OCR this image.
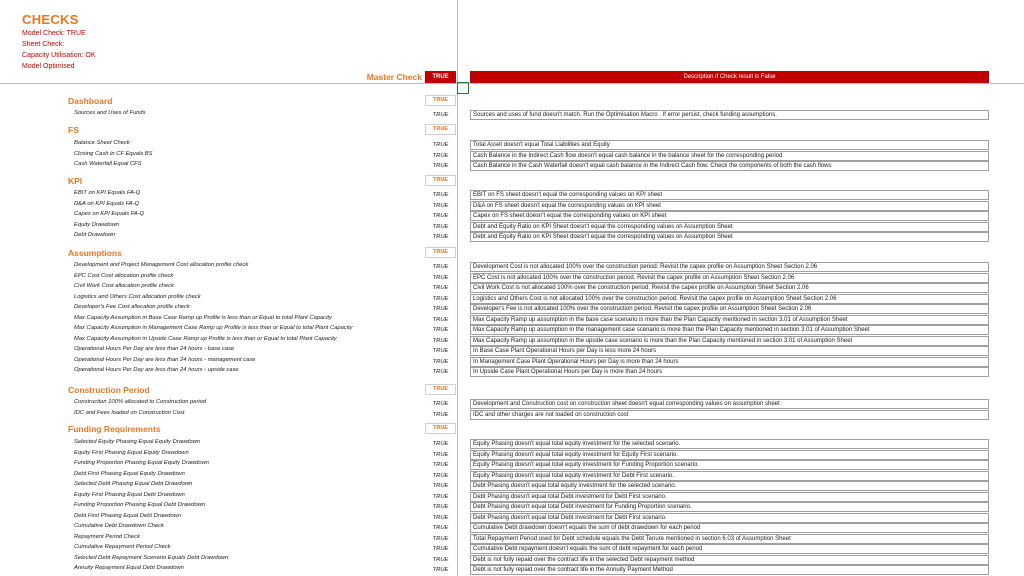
CHECKS
Model Check: TRUE
Sheet Check:
Capacity Utilisation: OK
Model Optimised
Master Check	TRUE	Description if Check result is False
Dashboard	TRUE
Sources and Uses of Funds	TRUE	Sources and uses of fund doesn't match. Run the Optimisation Macro . If error persist, check funding assumptions.
FS	TRUE
Balance Sheet Check	TRUE	Total Asset doesn't equal Total Liabilities and Equity
Closing Cash in CF Equals BS	TRUE	Cash Balance in the Indirect Cash flow doesn't equal cash balance in the balance sheet for the corresponding period
Cash Waterfall Equal CFS	TRUE	Cash Balance in the Cash Waterfall doesn't equal cash balance in the Indirect Cash flow. Check the components of both the cash flows
KPI	TRUE
EBIT on KPI Equals FA-Q	TRUE	EBIT on FS sheet doesn't equal the corresponding values on KPI sheet
D&A on KPI Equals FA-Q	TRUE	D&A on FS sheet doesn't equal the corresponding values on KPI sheet
Capex on KPI Equals FA-Q	TRUE	Capex on FS sheet doesn't equal the corresponding values on KPI sheet
Equity Drawdown	TRUE	Debt and Equity Ratio on KPI Sheet doesn't equal the corresponding values on Assumption Sheet
Debt Drawdown	TRUE	Debt and Equity Ratio on KPI Sheet doesn't equal the corresponding values on Assumption Sheet
Assumptions	TRUE
Development and Project Management Cost allocation profile check	TRUE	Development Cost is not allocated 100% over the construction period. Revisit the capex profile on Assumption Sheet Section 2.06
EPC Cost Cost allocation profile check	TRUE	EPC Cost is not allocated 100% over the construction period. Revisit the capex profile on Assumption Sheet Section 2.06
Civil Work Cost allocation profile check	TRUE	Civil Work Cost is not allocated 100% over the construction period. Revisit the capex profile on Assumption Sheet Section 2.06
Logistics and Others Cost allocation profile check	TRUE	Logistics and Others Cost is not allocated 100% over the construction period. Revisit the capex profile on Assumption Sheet Section 2.06
Developer's Fee Cost allocation profile check	TRUE	Developer's Fee is not allocated 100% over the construction period. Revisit the capex profile on Assumption Sheet Section 2.06
Max Capacity Assumption in Base Case Ramp up Profile is less than or Equal to total Plant Capacity	TRUE	Max Capacity Ramp up assumption in the base case scenario is more than the Plan Capacity mentioned in section 3.01 of Assumption Sheet
Max Capacity Assumption in Management Case Ramp up Profile is less than or Equal to total Plant Capacity	TRUE	Max Capacity Ramp up assumption in the management case scenario is more than the Plan Capacity mentioned in section 3.01 of Assumption Sheet
Max Capacity Assumption in Upside Case Ramp up Profile is less than or Equal to total Plant Capacity	TRUE	Max Capacity Ramp up assumption in the upside case scenario is more than the Plan Capacity mentioned in section 3.01 of Assumption Sheet
Operational Hours Per Day are less than 24 hours - base case	TRUE	In Base Case Plant Operational Hours per Day is less more 24 hours
Operational Hours Per Day are less than 24 hours - management case	TRUE	In Management Case Plant Operational Hours per Day is more than 24 hours
Operational Hours Per Day are less than 24 hours - upside case	TRUE	In Upside Case Plant Operational Hours per Day is more than 24 hours
Construction Period	TRUE
Construction 100% allocated to Construction period	TRUE	Development and Construction cost on construction sheet doesn't equal corresponding values on assumption sheet
IDC and Fees loaded on Construction Cost	TRUE	IDC and other charges are not loaded on construction cost
Funding Requirements	TRUE
Selected Equity Phasing Equal Equity Drawdown	TRUE	Equity Phasing doesn't equal total equity investment for the selected scenario.
Equity First Phasing Equal Equity Drawdown	TRUE	Equity Phasing doesn't equal total equity investment for Equity First scenario.
Funding Proportion Phasing Equal Equity Drawdown	TRUE	Equity Phasing doesn't equal total equity investment for Funding Proportion scenario.
Debt First Phasing Equal Equity Drawdown	TRUE	Equity Phasing doesn't equal total equity investment for Debt First scenario.
Selected Debt Phasing Equal Debt Drawdown	TRUE	Debt Phasing doesn't equal total equity investment for the selected scenario.
Equity First Phasing Equal Debt Drawdown	TRUE	Debt Phasing doesn't equal total Debt investment for Debt First scenario.
Funding Proportion Phasing Equal Debt Drawdown	TRUE	Debt Phasing doesn't equal total Debt investment for Funding Proportion scenario.
Debt First Phasing Equal Debt Drawdown	TRUE	Debt Phasing doesn't equal total Debt investment for Debt First scenario.
Cumulative Debt Drawdown Check	TRUE	Cumulative Debt drawdown doesn't equals the sum of debt drawdown for each period
Repayment Period Check	TRUE	Total Repayment Period used for Debt schedule equals the Debt Tenure mentioned in section 6.03 of Assumption Sheet
Cumulative Repayment Period Check	TRUE	Cumulative Debt repayment doesn't equals the sum of debt repayment for each period
Selected Debt Repayment Scenario Equals Debt Drawdown	TRUE	Debt is not fully repaid over the contract life in the selected Debt repayment method
Annuity Repayment Equal Debt Drawdown	TRUE	Debt is not fully repaid over the contract life in the Annuity Payment Method
